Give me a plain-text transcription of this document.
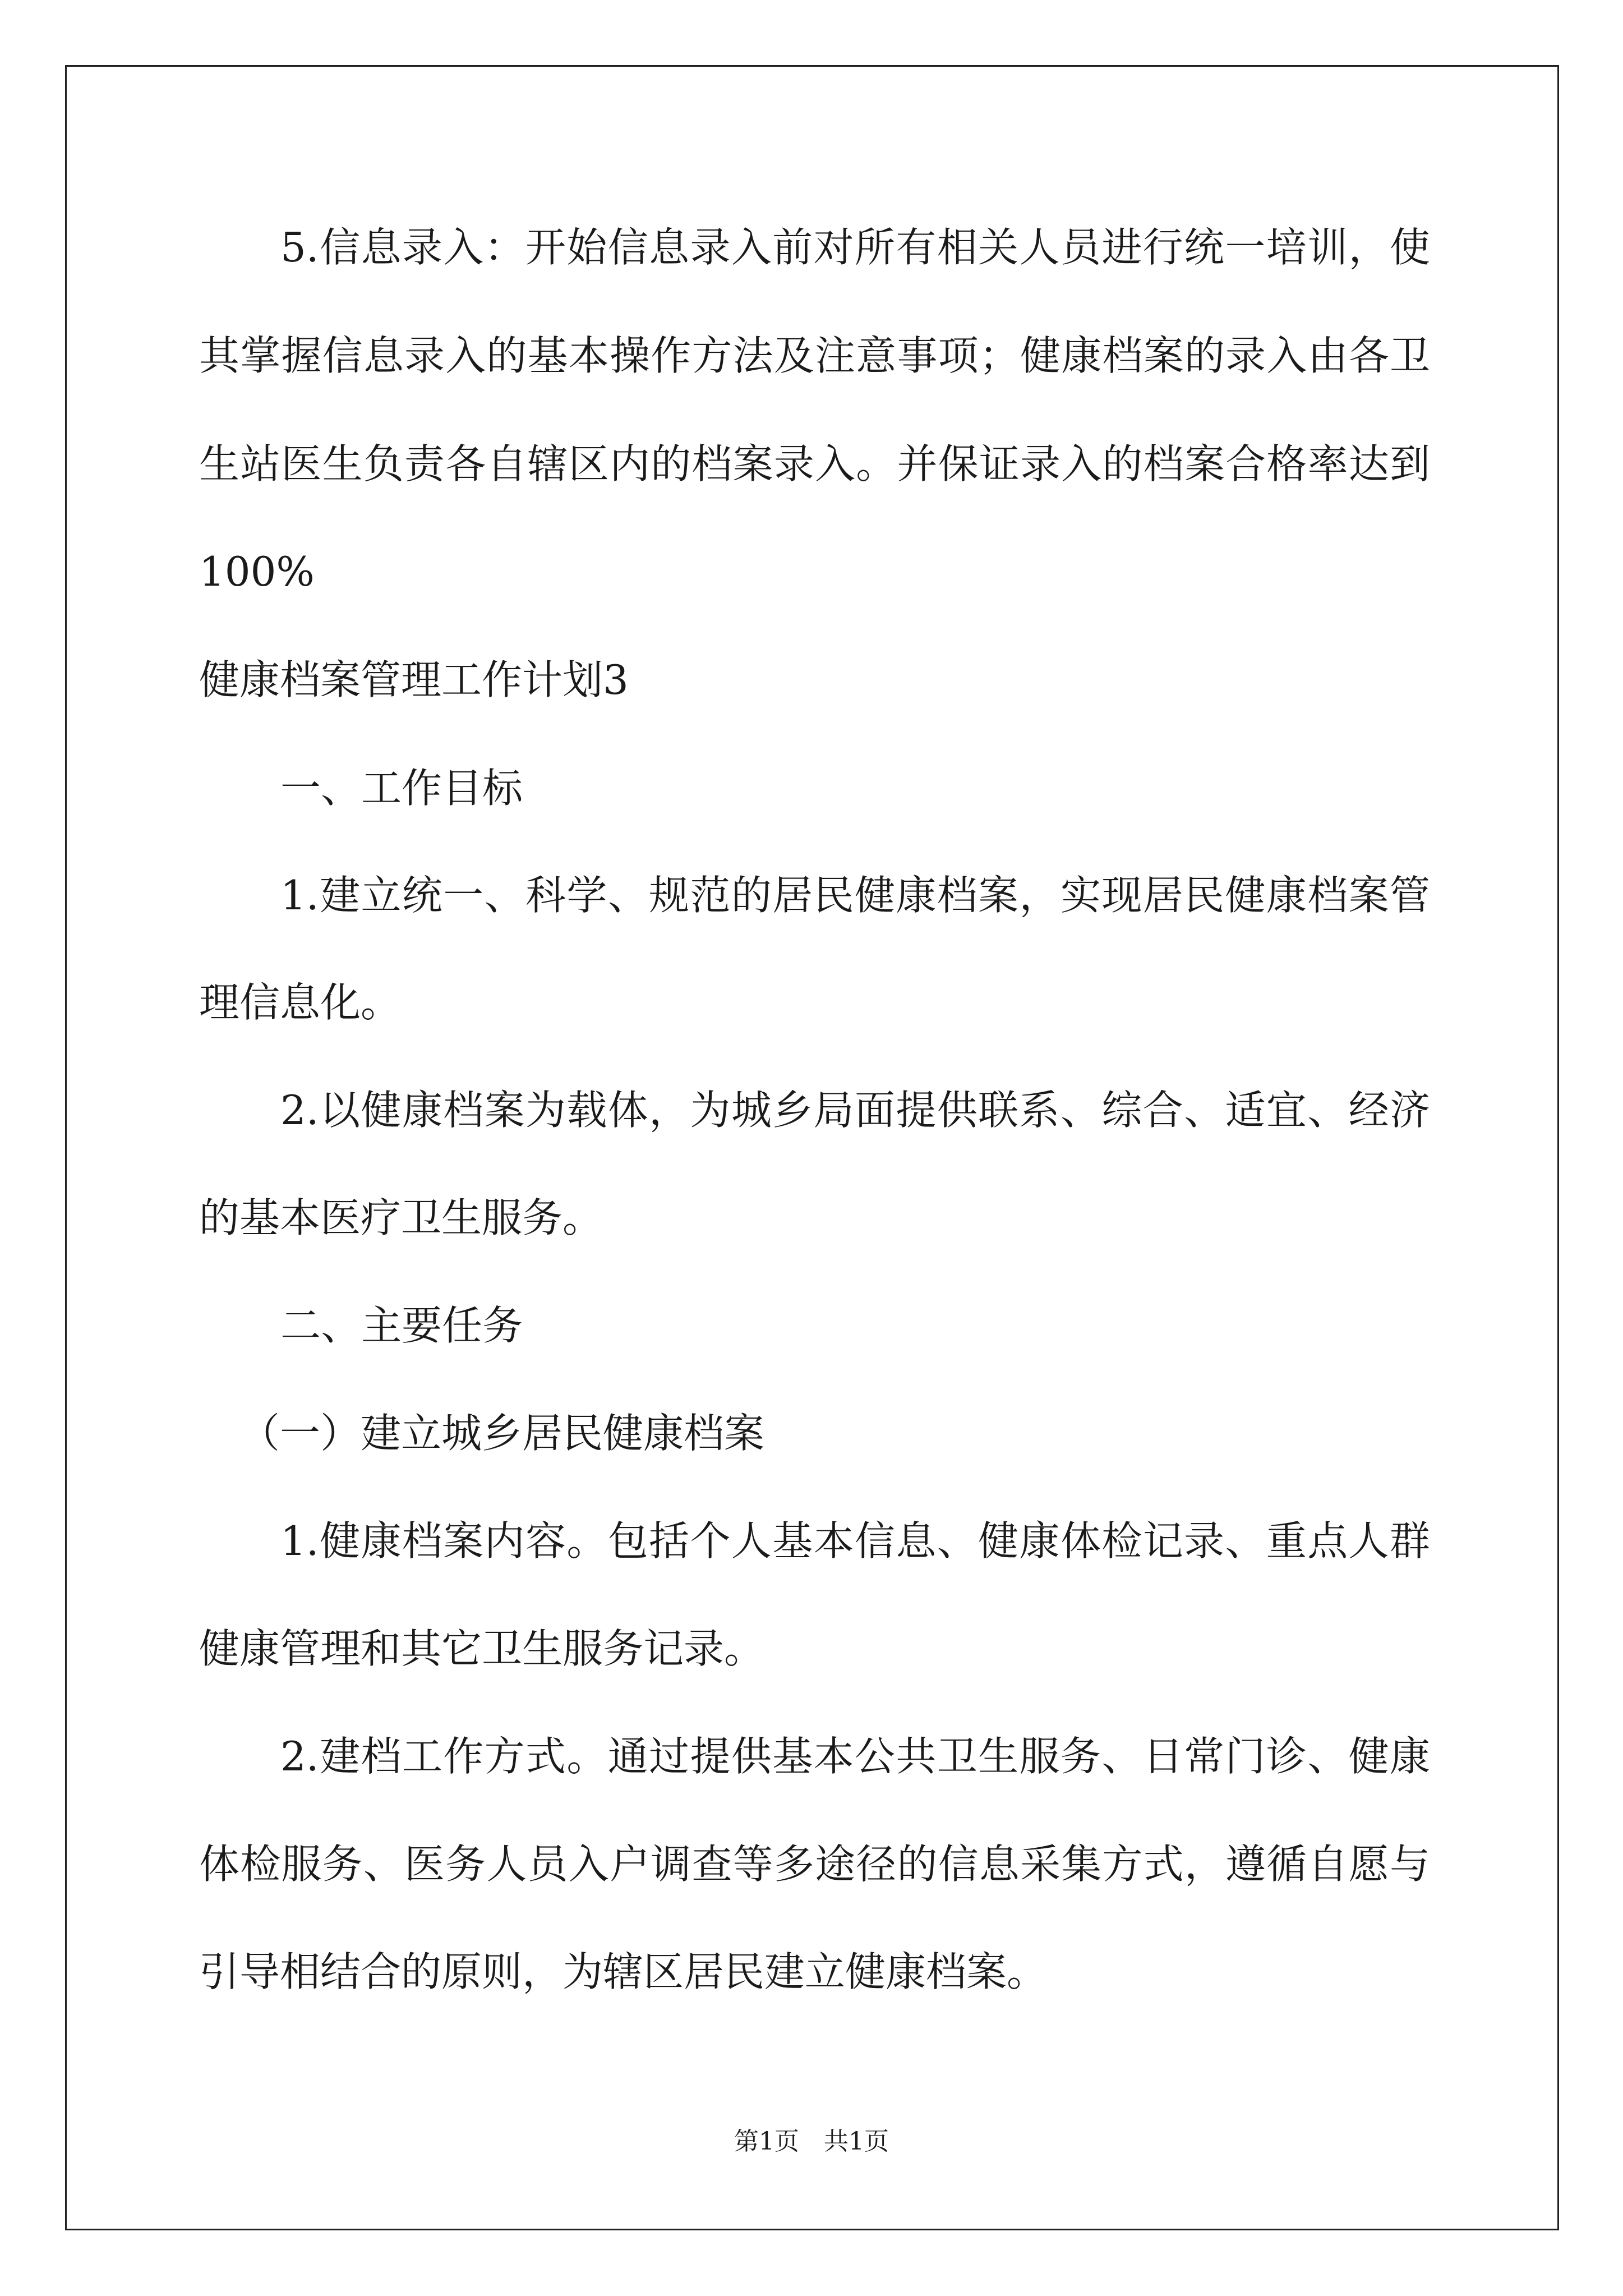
5.信息录入：开始信息录入前对所有相关人员进行统一培训，使
其掌握信息录入的基本操作方法及注意事项；健康档案的录入由各卫
生站医生负责各自辖区内的档案录入。并保证录入的档案合格率达到
100%
健康档案管理工作计划3
一、工作目标
1.建立统一、科学、规范的居民健康档案，实现居民健康档案管
理信息化。
2.以健康档案为载体，为城乡局面提供联系、综合、适宜、经济
的基本医疗卫生服务。
二、主要任务
（一）建立城乡居民健康档案
1.健康档案内容。包括个人基本信息、健康体检记录、重点人群
健康管理和其它卫生服务记录。
2.建档工作方式。通过提供基本公共卫生服务、日常门诊、健康
体检服务、医务人员入户调查等多途径的信息采集方式，遵循自愿与
引导相结合的原则，为辖区居民建立健康档案。
第1页　共1页
